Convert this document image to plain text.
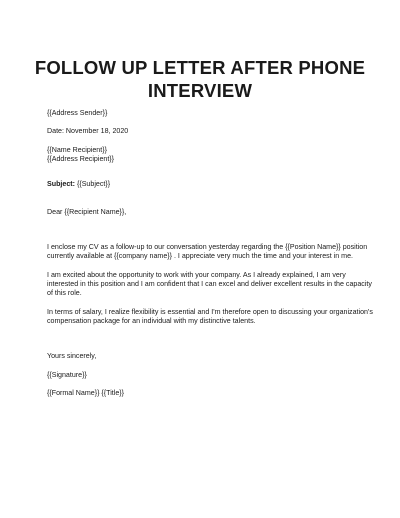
FOLLOW UP LETTER AFTER PHONE
INTERVIEW

{{Address Sender}}

Date: November 18, 2020

{{Name Recipient}}

{{Address Recipient}}

Subject: {{Subject}}

Dear {{Recipient Name}},

I enclose my CV as a follow-up to our conversation yesterday regarding the {{Position Name}} position

currently available at {{company name}} . I appreciate very much the time and your interest in me.

I am excited about the opportunity to work with your company. As I already explained, I am very

interested in this position and I am confident that I can excel and deliver excellent results in the capacity

of this role.

In terms of salary, I realize flexibility is essential and I'm therefore open to discussing your organization's

compensation package for an individual with my distinctive talents.

Yours sincerely,

{{Signature}}

{{Formal Name}} {{Title}}
